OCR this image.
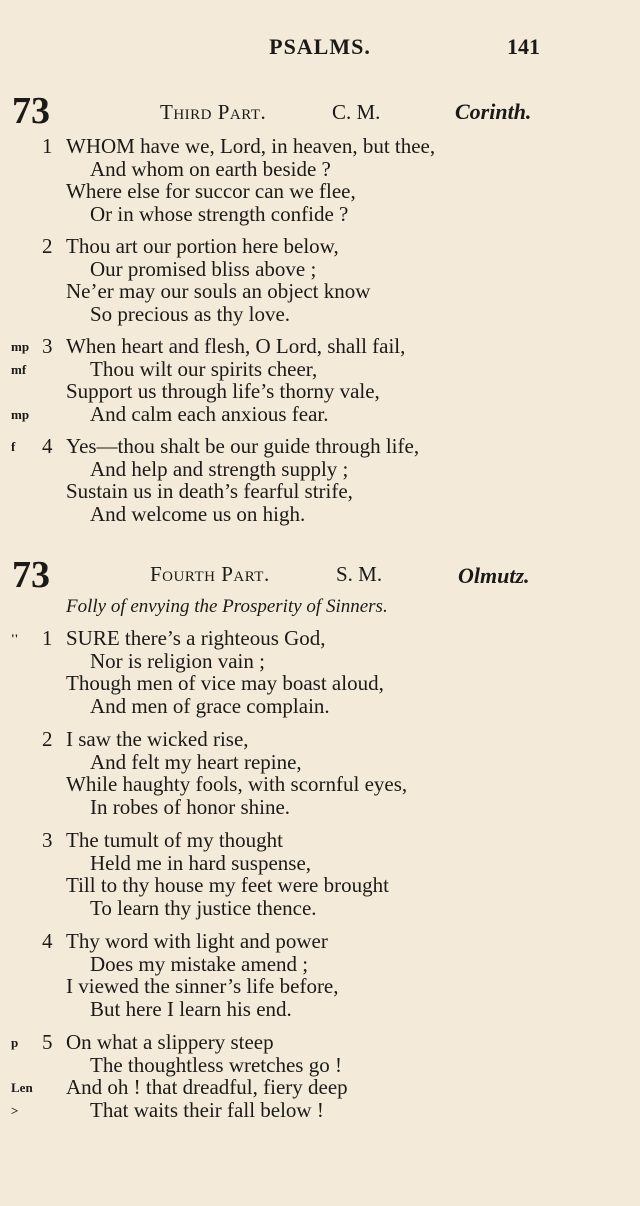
PSALMS.	141
73	Third Part.	C. M.	Corinth.
1 WHOM have we, Lord, in heaven, but thee,
And whom on earth beside ?
Where else for succor can we flee,
Or in whose strength confide ?
2 Thou art our portion here below,
Our promised bliss above ;
Ne’er may our souls an object know
So precious as thy love.
3 When heart and flesh, O Lord, shall fail,
mp
Thou wilt our spirits cheer,
mf
Support us through life’s thorny vale,
And calm each anxious fear.
mp
4 Yes—thou shalt be our guide through life,
f
And help and strength supply ;
Sustain us in death’s fearful strife,
And welcome us on high.
73	Fourth Part.	S. M.	Olmutz.
Folly of envying the Prosperity of Sinners.
1 SURE there’s a righteous God,
''
Nor is religion vain ;
Though men of vice may boast aloud,
And men of grace complain.
2 I saw the wicked rise,
And felt my heart repine,
While haughty fools, with scornful eyes,
In robes of honor shine.
3 The tumult of my thought
Held me in hard suspense,
Till to thy house my feet were brought
To learn thy justice thence.
4 Thy word with light and power
Does my mistake amend ;
I viewed the sinner’s life before,
But here I learn his end.
5 On what a slippery steep
p
The thoughtless wretches go !
And oh ! that dreadful, fiery deep
Len
That waits their fall below !
>
